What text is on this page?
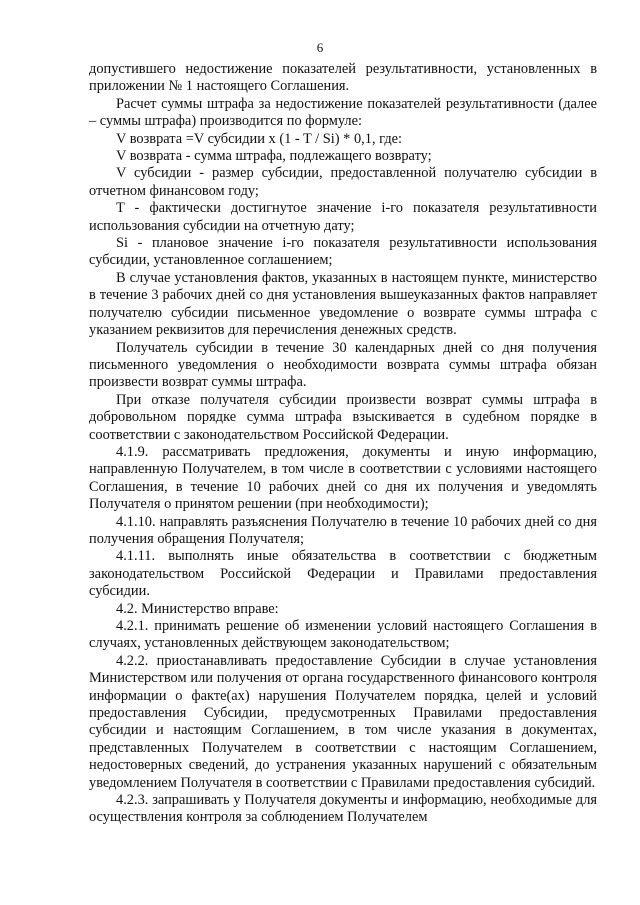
6

допустившего недостижение показателей результативности, установленных в приложении № 1 настоящего Соглашения.

Расчет суммы штрафа за недостижение показателей результативности (далее – суммы штрафа) производится по формуле:

V возврата =V субсидии x (1 - T / Si) * 0,1, где:

V возврата - сумма штрафа, подлежащего возврату;

V субсидии - размер субсидии, предоставленной получателю субсидии в отчетном финансовом году;

T - фактически достигнутое значение i-го показателя результативности использования субсидии на отчетную дату;

Si - плановое значение i-го показателя результативности использования субсидии, установленное соглашением;

В случае установления фактов, указанных в настоящем пункте, министерство в течение 3 рабочих дней со дня установления вышеуказанных фактов направляет получателю субсидии письменное уведомление о возврате суммы штрафа с указанием реквизитов для перечисления денежных средств.

Получатель субсидии в течение 30 календарных дней со дня получения письменного уведомления о необходимости возврата суммы штрафа обязан произвести возврат суммы штрафа.

При отказе получателя субсидии произвести возврат суммы штрафа в добровольном порядке сумма штрафа взыскивается в судебном порядке в соответствии с законодательством Российской Федерации.

4.1.9. рассматривать предложения, документы и иную информацию, направленную Получателем, в том числе в соответствии с условиями настоящего Соглашения, в течение 10 рабочих дней со дня их получения и уведомлять Получателя о принятом решении (при необходимости);

4.1.10. направлять разъяснения Получателю в течение 10 рабочих дней со дня получения обращения Получателя;

4.1.11. выполнять иные обязательства в соответствии с бюджетным законодательством Российской Федерации и Правилами предоставления субсидии.

4.2. Министерство вправе:

4.2.1. принимать решение об изменении условий настоящего Соглашения в случаях, установленных действующем законодательством;

4.2.2. приостанавливать предоставление Субсидии в случае установления Министерством или получения от органа государственного финансового контроля информации о факте(ах) нарушения Получателем порядка, целей и условий предоставления Субсидии, предусмотренных Правилами предоставления субсидии и настоящим Соглашением, в том числе указания в документах, представленных Получателем в соответствии с настоящим Соглашением, недостоверных сведений, до устранения указанных нарушений с обязательным уведомлением Получателя в соответствии с Правилами предоставления субсидий.

4.2.3. запрашивать у Получателя документы и информацию, необходимые для осуществления контроля за соблюдением Получателем
